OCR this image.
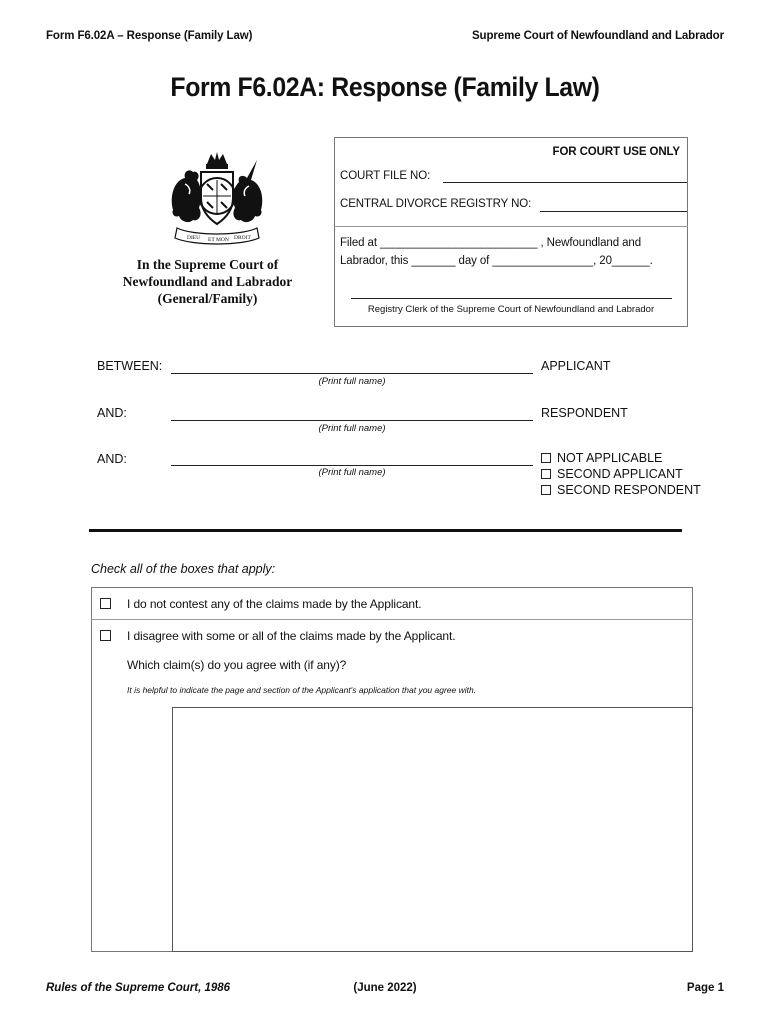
Form F6.02A – Response (Family Law)	Supreme Court of Newfoundland and Labrador
Form F6.02A: Response (Family Law)
DIEU ET MON DROIT
In the Supreme Court of
Newfoundland and Labrador
(General/Family)
FOR COURT USE ONLY
COURT FILE NO:
CENTRAL DIVORCE REGISTRY NO:
Filed at _________________________ , Newfoundland and
Labrador, this _______ day of ________________, 20______.
Registry Clerk of the Supreme Court of Newfoundland and Labrador
BETWEEN:
(Print full name)
APPLICANT
AND:
(Print full name)
RESPONDENT
AND:
(Print full name)
NOT APPLICABLE
SECOND APPLICANT
SECOND RESPONDENT
Check all of the boxes that apply:
I do not contest any of the claims made by the Applicant.
I disagree with some or all of the claims made by the Applicant.
Which claim(s) do you agree with (if any)?
It is helpful to indicate the page and section of the Applicant's application that you agree with.
Rules of the Supreme Court, 1986	(June 2022)	Page 1
